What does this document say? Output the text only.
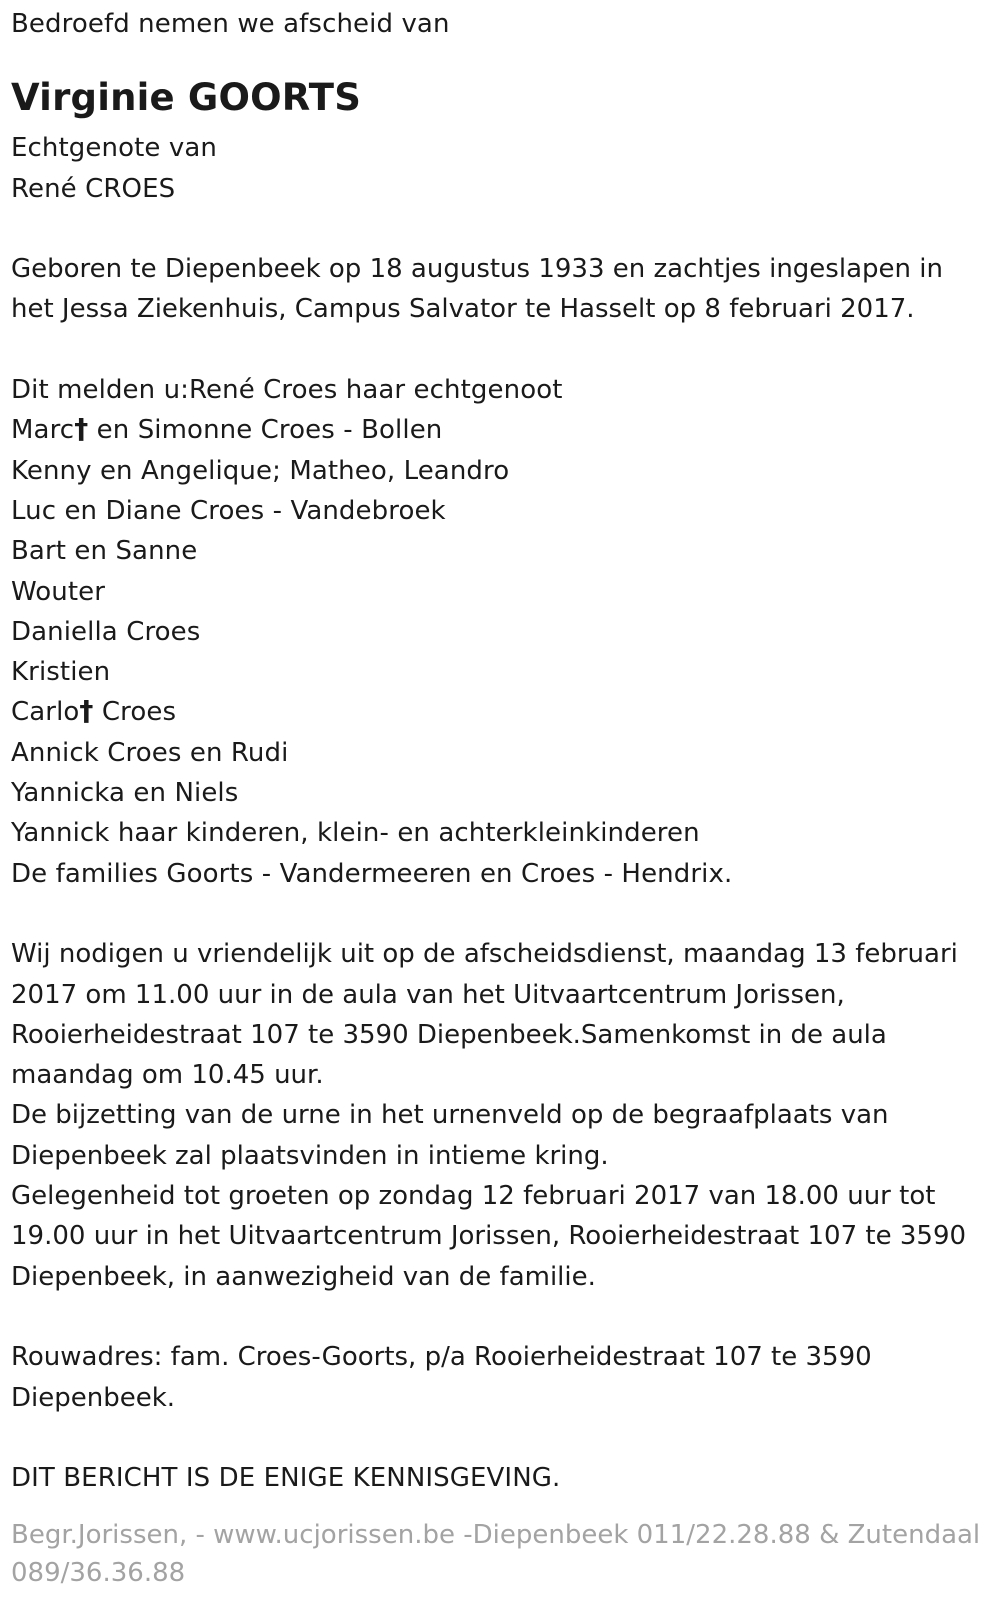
Bedroefd nemen we afscheid van
Virginie GOORTS
Echtgenote van
René CROES
Geboren te Diepenbeek op 18 augustus 1933 en zachtjes ingeslapen in het Jessa Ziekenhuis, Campus Salvator te Hasselt op 8 februari 2017.
Dit melden u:René Croes haar echtgenoot
Marc† en Simonne Croes - Bollen
Kenny en Angelique; Matheo, Leandro
Luc en Diane Croes - Vandebroek
Bart en Sanne
Wouter
Daniella Croes
Kristien
Carlo† Croes
Annick Croes en Rudi
Yannicka en Niels
Yannick haar kinderen, klein- en achterkleinkinderen
De families Goorts - Vandermeeren en Croes - Hendrix.
Wij nodigen u vriendelijk uit op de afscheidsdienst, maandag 13 februari 2017 om 11.00 uur in de aula van het Uitvaartcentrum Jorissen, Rooierheidestraat 107 te 3590 Diepenbeek.Samenkomst in de aula maandag om 10.45 uur.
De bijzetting van de urne in het urnenveld op de begraafplaats van Diepenbeek zal plaatsvinden in intieme kring.
Gelegenheid tot groeten op zondag 12 februari 2017 van 18.00 uur tot 19.00 uur in het Uitvaartcentrum Jorissen, Rooierheidestraat 107 te 3590 Diepenbeek, in aanwezigheid van de familie.
Rouwadres: fam. Croes-Goorts, p/a Rooierheidestraat 107 te 3590 Diepenbeek.
DIT BERICHT IS DE ENIGE KENNISGEVING.
Begr.Jorissen, - www.ucjorissen.be -Diepenbeek 011/22.28.88 & Zutendaal 089/36.36.88
